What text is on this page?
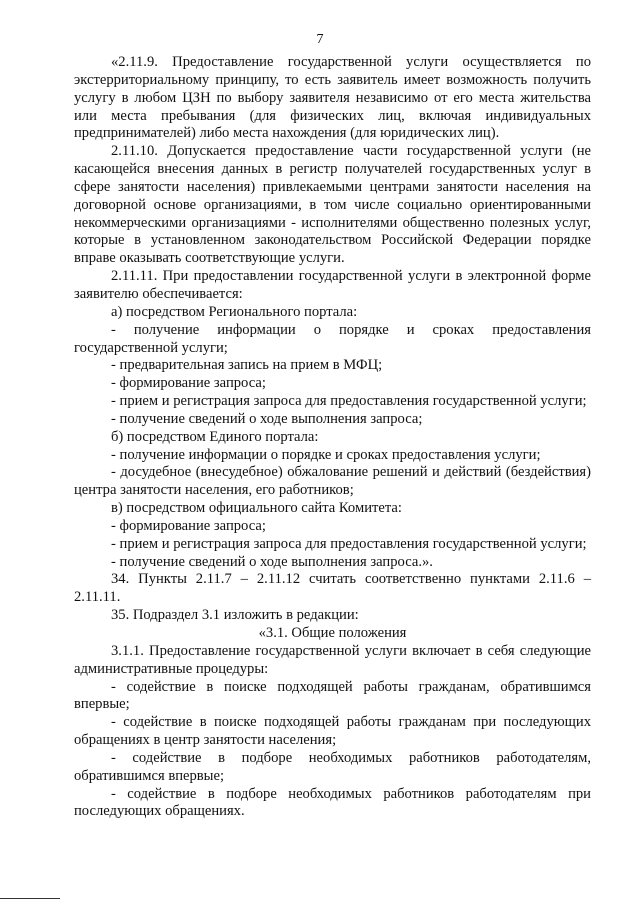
7

«2.11.9. Предоставление государственной услуги осуществляется по экстерриториальному принципу, то есть заявитель имеет возможность получить услугу в любом ЦЗН по выбору заявителя независимо от его места жительства или места пребывания (для физических лиц, включая индивидуальных предпринимателей) либо места нахождения (для юридических лиц).

2.11.10. Допускается предоставление части государственной услуги (не касающейся внесения данных в регистр получателей государственных услуг в сфере занятости населения) привлекаемыми центрами занятости населения на договорной основе организациями, в том числе социально ориентированными некоммерческими организациями - исполнителями общественно полезных услуг, которые в установленном законодательством Российской Федерации порядке вправе оказывать соответствующие услуги.

2.11.11. При предоставлении государственной услуги в электронной форме заявителю обеспечивается:

а) посредством Регионального портала:

- получение информации о порядке и сроках предоставления государственной услуги;

- предварительная запись на прием в МФЦ;

- формирование запроса;

- прием и регистрация запроса для предоставления государственной услуги;

- получение сведений о ходе выполнения запроса;

б) посредством Единого портала:

- получение информации о порядке и сроках предоставления услуги;

- досудебное (внесудебное) обжалование решений и действий (бездействия) центра занятости населения, его работников;

в) посредством официального сайта Комитета:

- формирование запроса;

- прием и регистрация запроса для предоставления государственной услуги;

- получение сведений о ходе выполнения запроса.».

34. Пункты 2.11.7 – 2.11.12 считать соответственно пунктами 2.11.6 – 2.11.11.

35. Подраздел 3.1 изложить в редакции:

«3.1. Общие положения

3.1.1. Предоставление государственной услуги включает в себя следующие административные процедуры:

- содействие в поиске подходящей работы гражданам, обратившимся впервые;

- содействие в поиске подходящей работы гражданам при последующих обращениях в центр занятости населения;

- содействие в подборе необходимых работников работодателям, обратившимся впервые;

- содействие в подборе необходимых работников работодателям при последующих обращениях.
